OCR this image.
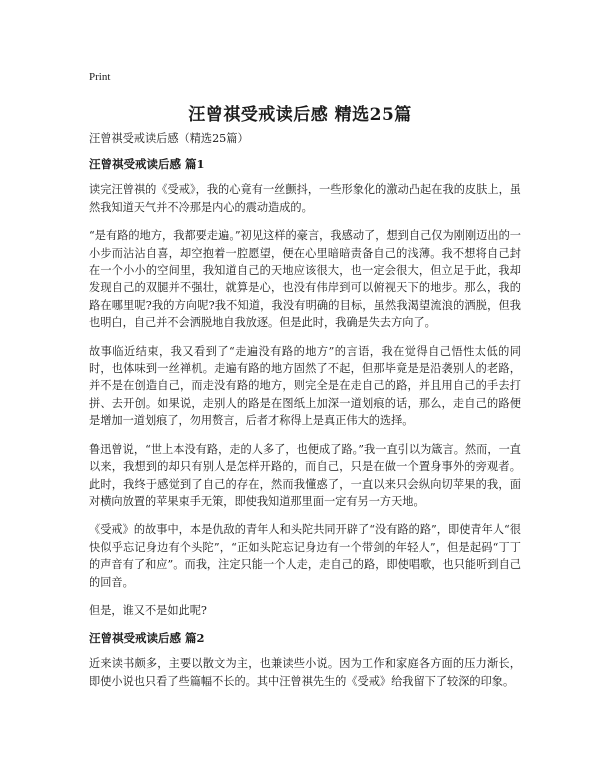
Print
汪曾祺受戒读后感 精选25篇

汪曾祺受戒读后感（精选25篇）

汪曾祺受戒读后感 篇1

读完汪曾祺的《受戒》，我的心竟有一丝颤抖，一些形象化的激动凸起在我的皮肤上，虽然我知道天气并不冷那是内心的震动造成的。

“是有路的地方，我都要走遍。”初见这样的豪言，我感动了，想到自己仅为刚刚迈出的一小步而沾沾自喜，却空抱着一腔愿望，便在心里暗暗责备自己的浅薄。我不想将自己封在一个小小的空间里，我知道自己的天地应该很大，也一定会很大，但立足于此，我却发现自己的双腿并不强壮，就算是心，也没有伟岸到可以俯视天下的地步。那么，我的路在哪里呢?我的方向呢?我不知道，我没有明确的目标，虽然我渴望流浪的洒脱，但我也明白，自己并不会洒脱地自我放逐。但是此时，我确是失去方向了。

故事临近结束，我又看到了“走遍没有路的地方”的言语，我在觉得自己悟性太低的同时，也体味到一丝禅机。走遍有路的地方固然了不起，但那毕竟是是沿袭别人的老路，并不是在创造自己，而走没有路的地方，则完全是在走自己的路，并且用自己的手去打拼、去开创。如果说，走别人的路是在图纸上加深一道划痕的话，那么，走自己的路便是增加一道划痕了，勿用赘言，后者才称得上是真正伟大的选择。

鲁迅曾说，“世上本没有路，走的人多了，也便成了路。”我一直引以为箴言。然而，一直以来，我想到的却只有别人是怎样开路的，而自己，只是在做一个置身事外的旁观者。此时，我终于感觉到了自己的存在，然而我懂惑了，一直以来只会纵向切苹果的我，面对横向放置的苹果束手无策，即使我知道那里面一定有另一方天地。

《受戒》的故事中，本是仇敌的青年人和头陀共同开辟了“没有路的路”，即使青年人“很快似乎忘记身边有个头陀”，“正如头陀忘记身边有一个带剑的年轻人”，但是起码“丁丁的声音有了和应”。而我，注定只能一个人走，走自己的路，即使唱歌，也只能听到自己的回音。

但是，谁又不是如此呢?

汪曾祺受戒读后感 篇2

近来读书颇多，主要以散文为主，也兼读些小说。因为工作和家庭各方面的压力渐长，即使小说也只看了些篇幅不长的。其中汪曾祺先生的《受戒》给我留下了较深的印象。
